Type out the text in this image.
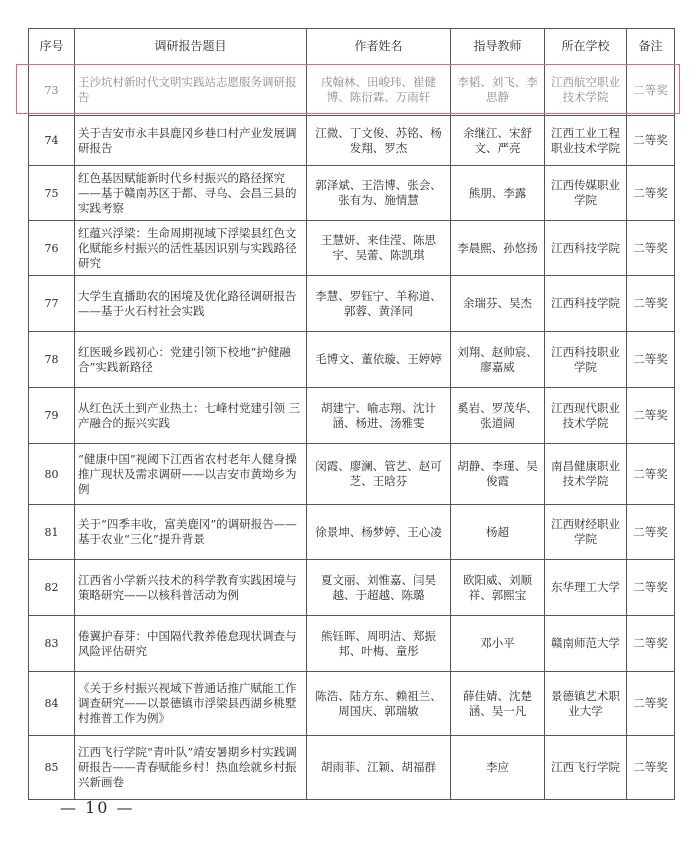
序号	调研报告题目	作者姓名	指导教师	所在学校	备注
73	王沙坑村新时代文明实践站志愿服务调研报告	戌翰林、田峻玮、崔健博、陈衍霖、万雨轩	李韬、刘飞、李思静	江西航空职业技术学院	二等奖
74	关于吉安市永丰县鹿冈乡巷口村产业发展调研报告	江微、丁文俊、苏铭、杨发翔、罗杰	余继江、宋舒文、严亮	江西工业工程职业技术学院	二等奖
75	红色基因赋能新时代乡村振兴的路径探究——基于赣南苏区于都、寻乌、会昌三县的实践考察	郭泽斌、王浩博、张会、张有为、施情慧	熊朋、李露	江西传媒职业学院	二等奖
76	红蕴兴浮梁：生命周期视域下浮梁县红色文化赋能乡村振兴的活性基因识别与实践路径研究	王慧妍、来佳滢、陈思宇、吴蕾、陈凯琪	李晨熙、孙悠扬	江西科技学院	二等奖
77	大学生直播助农的困境及优化路径调研报告——基于火石村社会实践	李慧、罗钰宁、羊称道、郭蓉、黄泽同	余瑞芬、吴杰	江西科技学院	二等奖
78	红医暖乡践初心：党建引领下校地“护健融合”实践新路径	毛博文、董依璇、王婷婷	刘翔、赵帅宸、廖嘉威	江西科技职业学院	二等奖
79	从红色沃土到产业热土：七峰村党建引领 三产融合的振兴实践	胡建宁、喻志翔、沈计涵、杨进、汤雅雯	奚岩、罗茂华、张道阔	江西现代职业技术学院	二等奖
80	“健康中国”视阈下江西省农村老年人健身操推广现状及需求调研——以吉安市黄坳乡为例	闵霞、廖澜、管艺、赵可芝、王晗芬	胡静、李瑾、吴俊霞	南昌健康职业技术学院	二等奖
81	关于“四季丰收，富美鹿冈”的调研报告——基于农业“三化”提升背景	徐景坤、杨梦婷、王心凌	杨超	江西财经职业学院	二等奖
82	江西省小学新兴技术的科学教育实践困境与策略研究——以核科普活动为例	夏文丽、刘惟嘉、闫昊越、于超越、陈璐	欧阳威、刘顺祥、郭熙宝	东华理工大学	二等奖
83	倦翼护春芽：中国隔代教养倦怠现状调查与风险评估研究	熊钰晖、周明洁、郑振邦、叶梅、童彤	邓小平	赣南师范大学	二等奖
84	《关于乡村振兴视域下普通话推广赋能工作调查研究——以景德镇市浮梁县西湖乡桃墅村推普工作为例》	陈浩、陆方东、赖祖兰、周国庆、郭瑞敏	薛佳婧、沈楚涵、吴一凡	景德镇艺术职业大学	二等奖
85	江西飞行学院“青叶队”靖安暑期乡村实践调研报告——青春赋能乡村！热血绘就乡村振兴新画卷	胡雨菲、江颖、胡福群	李应	江西飞行学院	二等奖
— 10 —
